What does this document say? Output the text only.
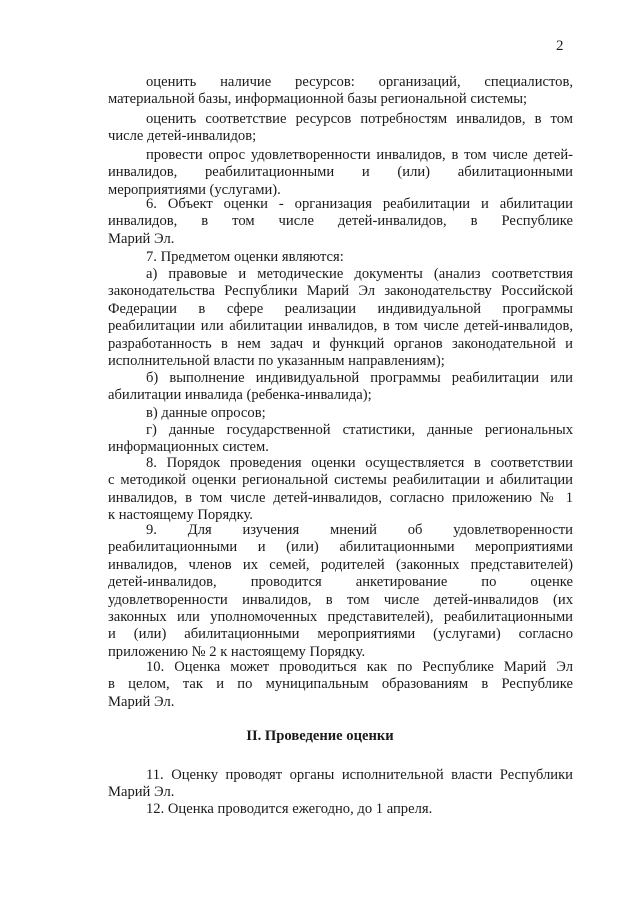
2
оценить наличие ресурсов: организаций, специалистов,
материальной базы, информационной базы региональной системы;
оценить соответствие ресурсов потребностям инвалидов, в том
числе детей-инвалидов;
провести опрос удовлетворенности инвалидов, в том числе детей-
инвалидов, реабилитационными и (или) абилитационными
мероприятиями (услугами).
6. Объект оценки - организация реабилитации и абилитации
инвалидов, в том числе детей-инвалидов, в Республике
Марий Эл.
7. Предметом оценки являются:
а) правовые и методические документы (анализ соответствия
законодательства Республики Марий Эл законодательству Российской
Федерации в сфере реализации индивидуальной программы
реабилитации или абилитации инвалидов, в том числе детей-инвалидов,
разработанность в нем задач и функций органов законодательной и
исполнительной власти по указанным направлениям);
б) выполнение индивидуальной программы реабилитации или
абилитации инвалида (ребенка-инвалида);
в) данные опросов;
г) данные государственной статистики, данные региональных
информационных систем.
8. Порядок проведения оценки осуществляется в соответствии
с методикой оценки региональной системы реабилитации и абилитации
инвалидов, в том числе детей-инвалидов, согласно приложению № 1
к настоящему Порядку.
9. Для изучения мнений об удовлетворенности
реабилитационными и (или) абилитационными мероприятиями
инвалидов, членов их семей, родителей (законных представителей)
детей-инвалидов, проводится анкетирование по оценке
удовлетворенности инвалидов, в том числе детей-инвалидов (их
законных или уполномоченных представителей), реабилитационными
и (или) абилитационными мероприятиями (услугами) согласно
приложению № 2 к настоящему Порядку.
10. Оценка может проводиться как по Республике Марий Эл
в целом, так и по муниципальным образованиям в Республике
Марий Эл.
II. Проведение оценки
11. Оценку проводят органы исполнительной власти Республики
Марий Эл.
12. Оценка проводится ежегодно, до 1 апреля.
